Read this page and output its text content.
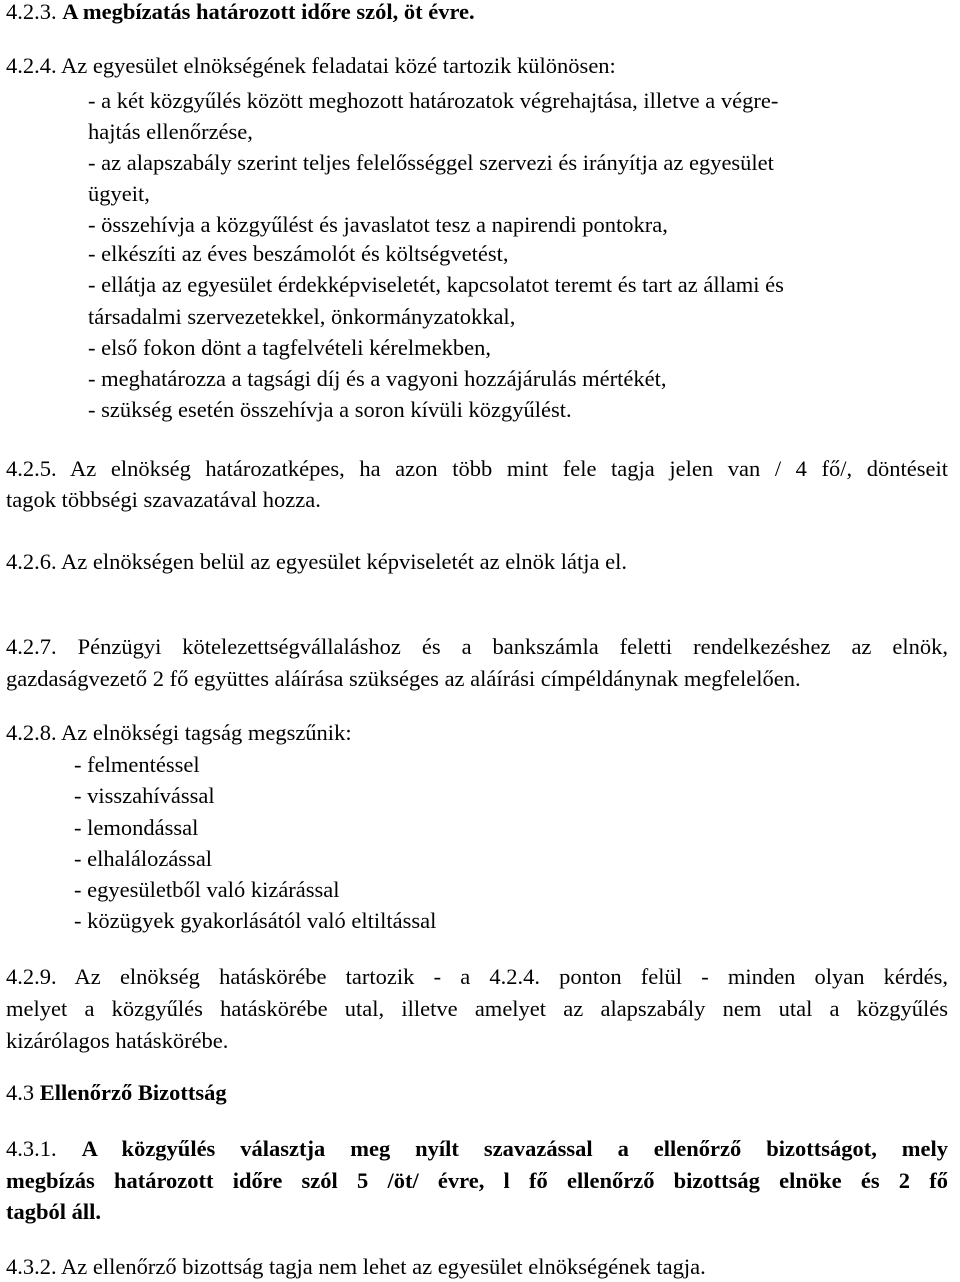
4.2.3. A megbízatás határozott időre szól, öt évre.
4.2.4. Az egyesület elnökségének feladatai közé tartozik különösen:
- a két közgyűlés között meghozott határozatok végrehajtása, illetve a végre-
hajtás ellenőrzése,
- az alapszabály szerint teljes felelősséggel szervezi és irányítja az egyesület
ügyeit,
- összehívja a közgyűlést és javaslatot tesz a napirendi pontokra,
- elkészíti az éves beszámolót és költségvetést,
- ellátja az egyesület érdekképviseletét, kapcsolatot teremt és tart az állami és
társadalmi szervezetekkel, önkormányzatokkal,
- első fokon dönt a tagfelvételi kérelmekben,
- meghatározza a tagsági díj és a vagyoni hozzájárulás mértékét,
- szükség esetén összehívja a soron kívüli közgyűlést.
4.2.5. Az elnökség határozatképes, ha azon több mint fele tagja jelen van / 4 fő/, döntéseit
tagok többségi szavazatával hozza.
4.2.6. Az elnökségen belül az egyesület képviseletét az elnök látja el.
4.2.7. Pénzügyi kötelezettségvállaláshoz és a bankszámla feletti rendelkezéshez az elnök,
gazdaságvezető 2 fő együttes aláírása szükséges az aláírási címpéldánynak megfelelően.
4.2.8. Az elnökségi tagság megszűnik:
- felmentéssel
- visszahívással
- lemondással
- elhalálozással
- egyesületből való kizárással
- közügyek gyakorlásától való eltiltással
4.2.9. Az elnökség hatáskörébe tartozik - a 4.2.4. ponton felül - minden olyan kérdés,
melyet a közgyűlés hatáskörébe utal, illetve amelyet az alapszabály nem utal a közgyűlés
kizárólagos hatáskörébe.
4.3 Ellenőrző Bizottság
4.3.1. A közgyűlés választja meg nyílt szavazással a ellenőrző bizottságot, mely
megbízás határozott időre szól 5 /öt/ évre, l fő ellenőrző bizottság elnöke és 2 fő
tagból áll.
4.3.2. Az ellenőrző bizottság tagja nem lehet az egyesület elnökségének tagja.
